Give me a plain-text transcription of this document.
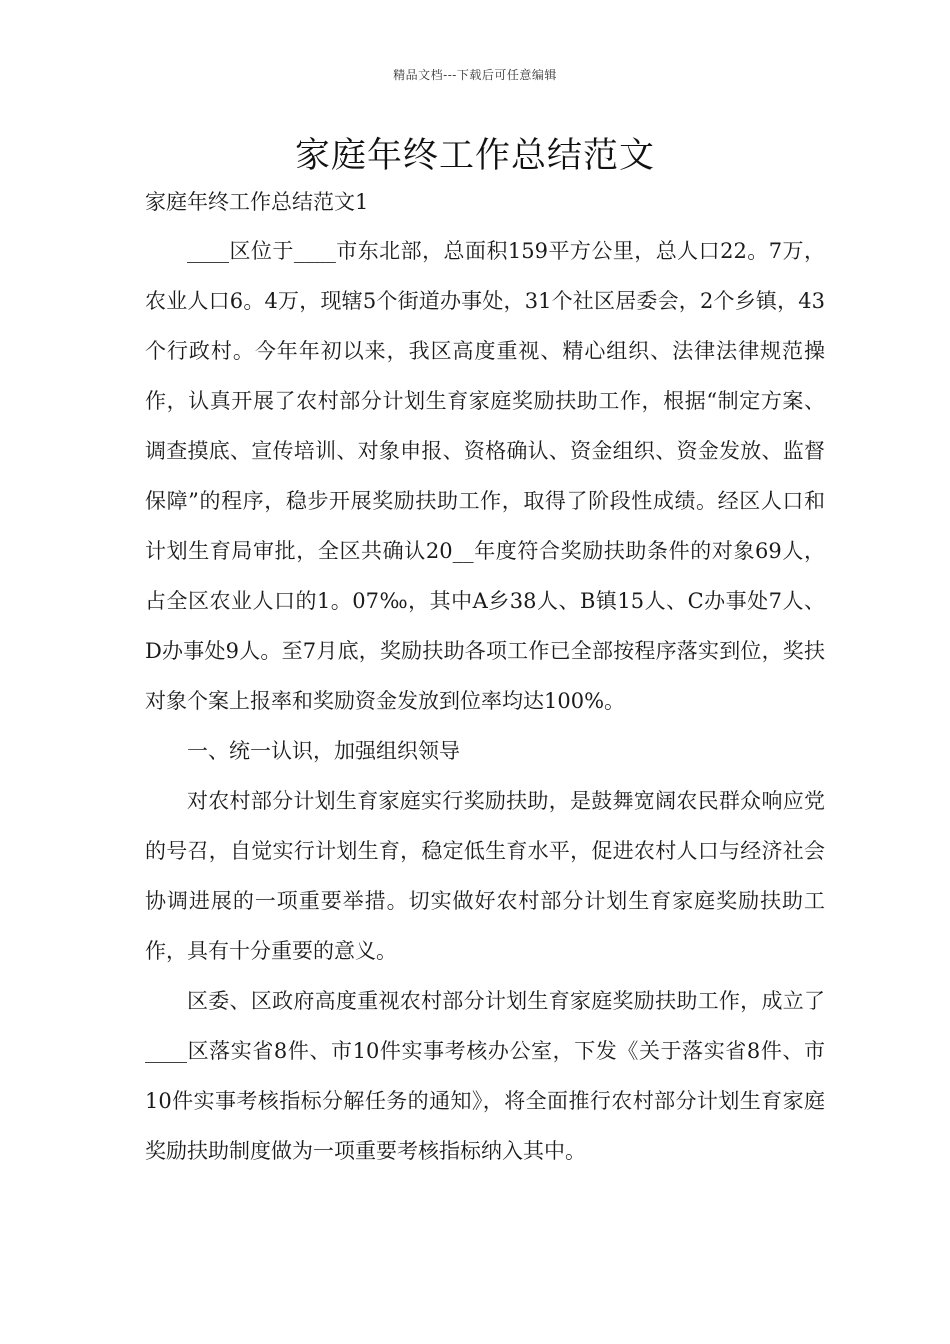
精品文档---下载后可任意编辑
家庭年终工作总结范文
家庭年终工作总结范文1

____区位于____市东北部，总面积159平方公里，总人口22。7万，农业人口6。4万，现辖5个街道办事处，31个社区居委会，2个乡镇，43个行政村。今年年初以来，我区高度重视、精心组织、法律法律规范操作，认真开展了农村部分计划生育家庭奖励扶助工作，根据“制定方案、调查摸底、宣传培训、对象申报、资格确认、资金组织、资金发放、监督保障”的程序，稳步开展奖励扶助工作，取得了阶段性成绩。经区人口和计划生育局审批，全区共确认20__年度符合奖励扶助条件的对象69人，占全区农业人口的1。07‰，其中A乡38人、B镇15人、C办事处7人、D办事处9人。至7月底，奖励扶助各项工作已全部按程序落实到位，奖扶对象个案上报率和奖励资金发放到位率均达100%。

一、统一认识，加强组织领导

对农村部分计划生育家庭实行奖励扶助，是鼓舞宽阔农民群众响应党的号召，自觉实行计划生育，稳定低生育水平，促进农村人口与经济社会协调进展的一项重要举措。切实做好农村部分计划生育家庭奖励扶助工作，具有十分重要的意义。

区委、区政府高度重视农村部分计划生育家庭奖励扶助工作，成立了____区落实省8件、市10件实事考核办公室，下发《关于落实省8件、市10件实事考核指标分解任务的通知》，将全面推行农村部分计划生育家庭奖励扶助制度做为一项重要考核指标纳入其中。
